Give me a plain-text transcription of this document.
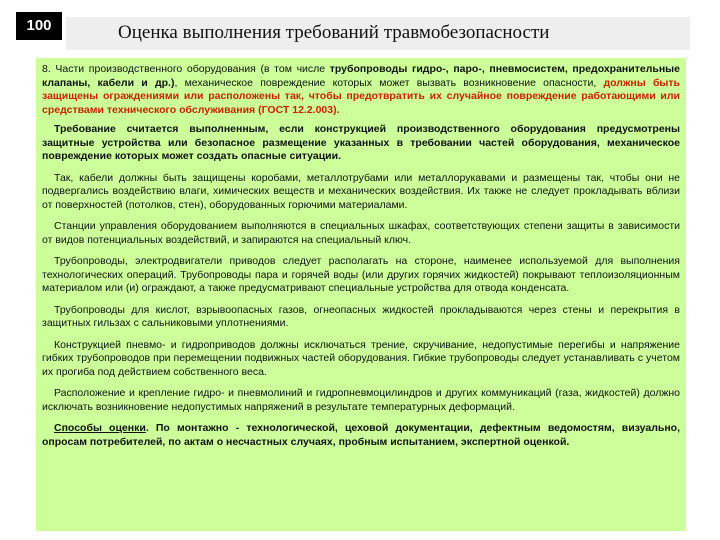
100	Оценка выполнения требований травмобезопасности

8. Части производственного оборудования (в том числе трубопроводы гидро-, паро-, пневмосистем, предохранительные клапаны, кабели и др.), механическое повреждение которых может вызвать возникновение опасности, должны быть защищены ограждениями или расположены так, чтобы предотвратить их случайное повреждение работающими или средствами технического обслуживания (ГОСТ 12.2.003).

Требование считается выполненным, если конструкцией производственного оборудования предусмотрены защитные устройства или безопасное размещение указанных в требовании частей оборудования, механическое повреждение которых может создать опасные ситуации.

Так, кабели должны быть защищены коробами, металлотрубами или металлорукавами и размещены так, чтобы они не подвергались воздействию влаги, химических веществ и механических воздействия. Их также не следует прокладывать вблизи от поверхностей (потолков, стен), оборудованных горючими материалами.

Станции управления оборудованием выполняются в специальных шкафах, соответствующих степени защиты в зависимости от видов потенциальных воздействий, и запираются на специальный ключ.

Трубопроводы, электродвигатели приводов следует располагать на стороне, наименее используемой для выполнения технологических операций. Трубопроводы пара и горячей воды (или других горячих жидкостей) покрывают теплоизоляционным материалом или (и) ограждают, а также предусматривают специальные устройства для отвода конденсата.

Трубопроводы для кислот, взрывоопасных газов, огнеопасных жидкостей прокладываются через стены и перекрытия в защитных гильзах с сальниковыми уплотнениями.

Конструкцией пневмо- и гидроприводов должны исключаться трение, скручивание, недопустимые перегибы и напряжение гибких трубопроводов при перемещении подвижных частей оборудования. Гибкие трубопроводы следует устанавливать с учетом их прогиба под действием собственного веса.

Расположение и крепление гидро- и пневмолиний и гидропневмоцилиндров и других коммуникаций (газа, жидкостей) должно исключать возникновение недопустимых напряжений в результате температурных деформаций.

Способы оценки. По монтажно - технологической, цеховой документации, дефектным ведомостям, визуально, опросам потребителей, по актам о несчастных случаях, пробным испытанием, экспертной оценкой.
